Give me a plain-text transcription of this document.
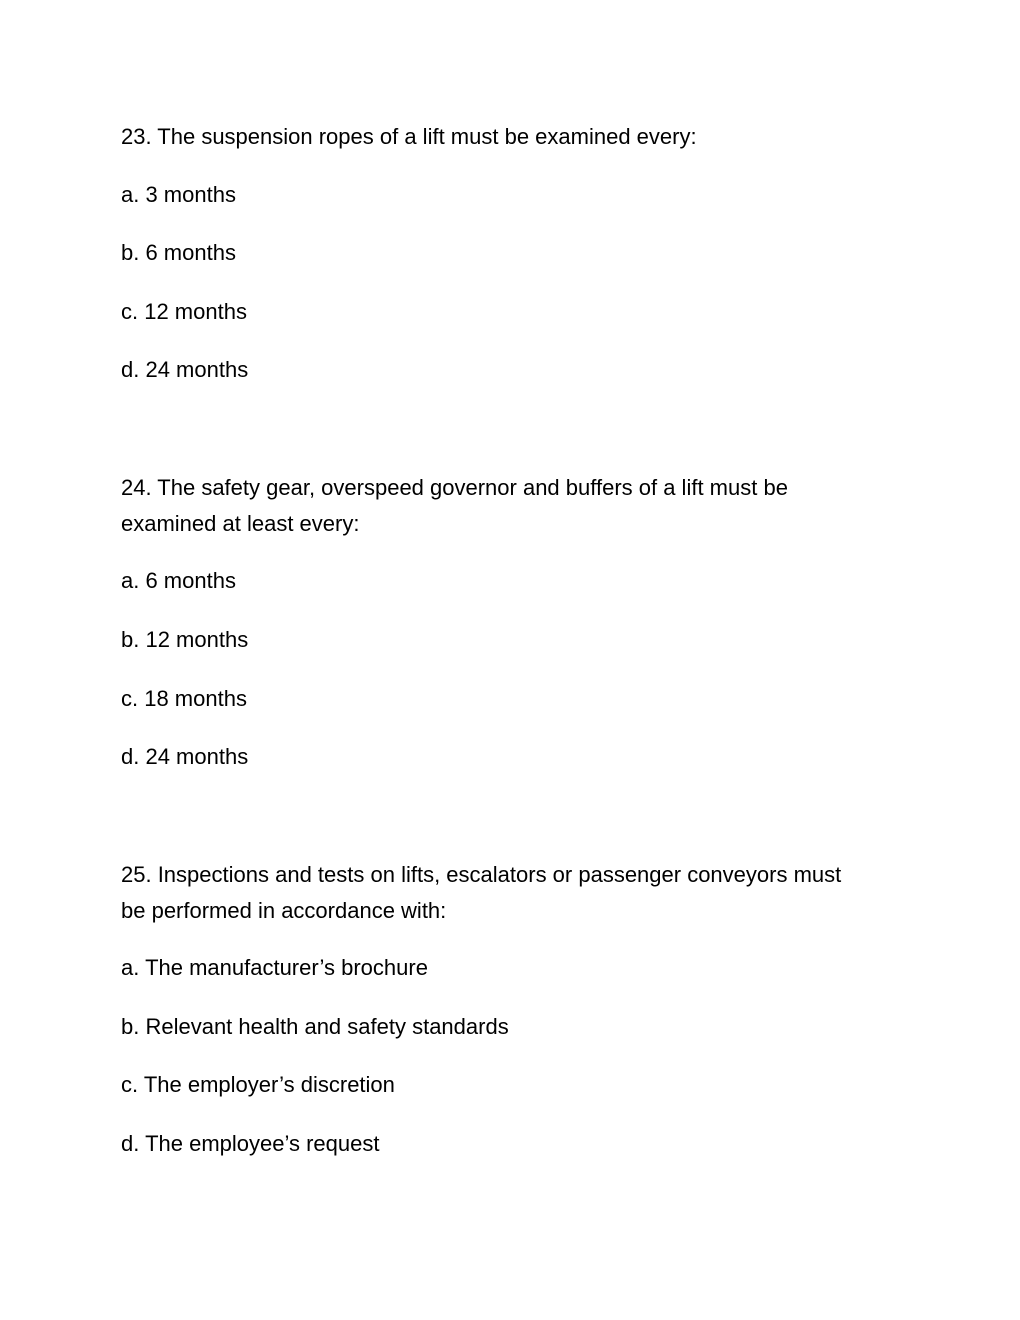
23. The suspension ropes of a lift must be examined every:
a. 3 months
b. 6 months
c. 12 months
d. 24 months
24. The safety gear, overspeed governor and buffers of a lift must be examined at least every:
a. 6 months
b. 12 months
c. 18 months
d. 24 months
25. Inspections and tests on lifts, escalators or passenger conveyors must be performed in accordance with:
a. The manufacturer’s brochure
b. Relevant health and safety standards
c. The employer’s discretion
d. The employee’s request
